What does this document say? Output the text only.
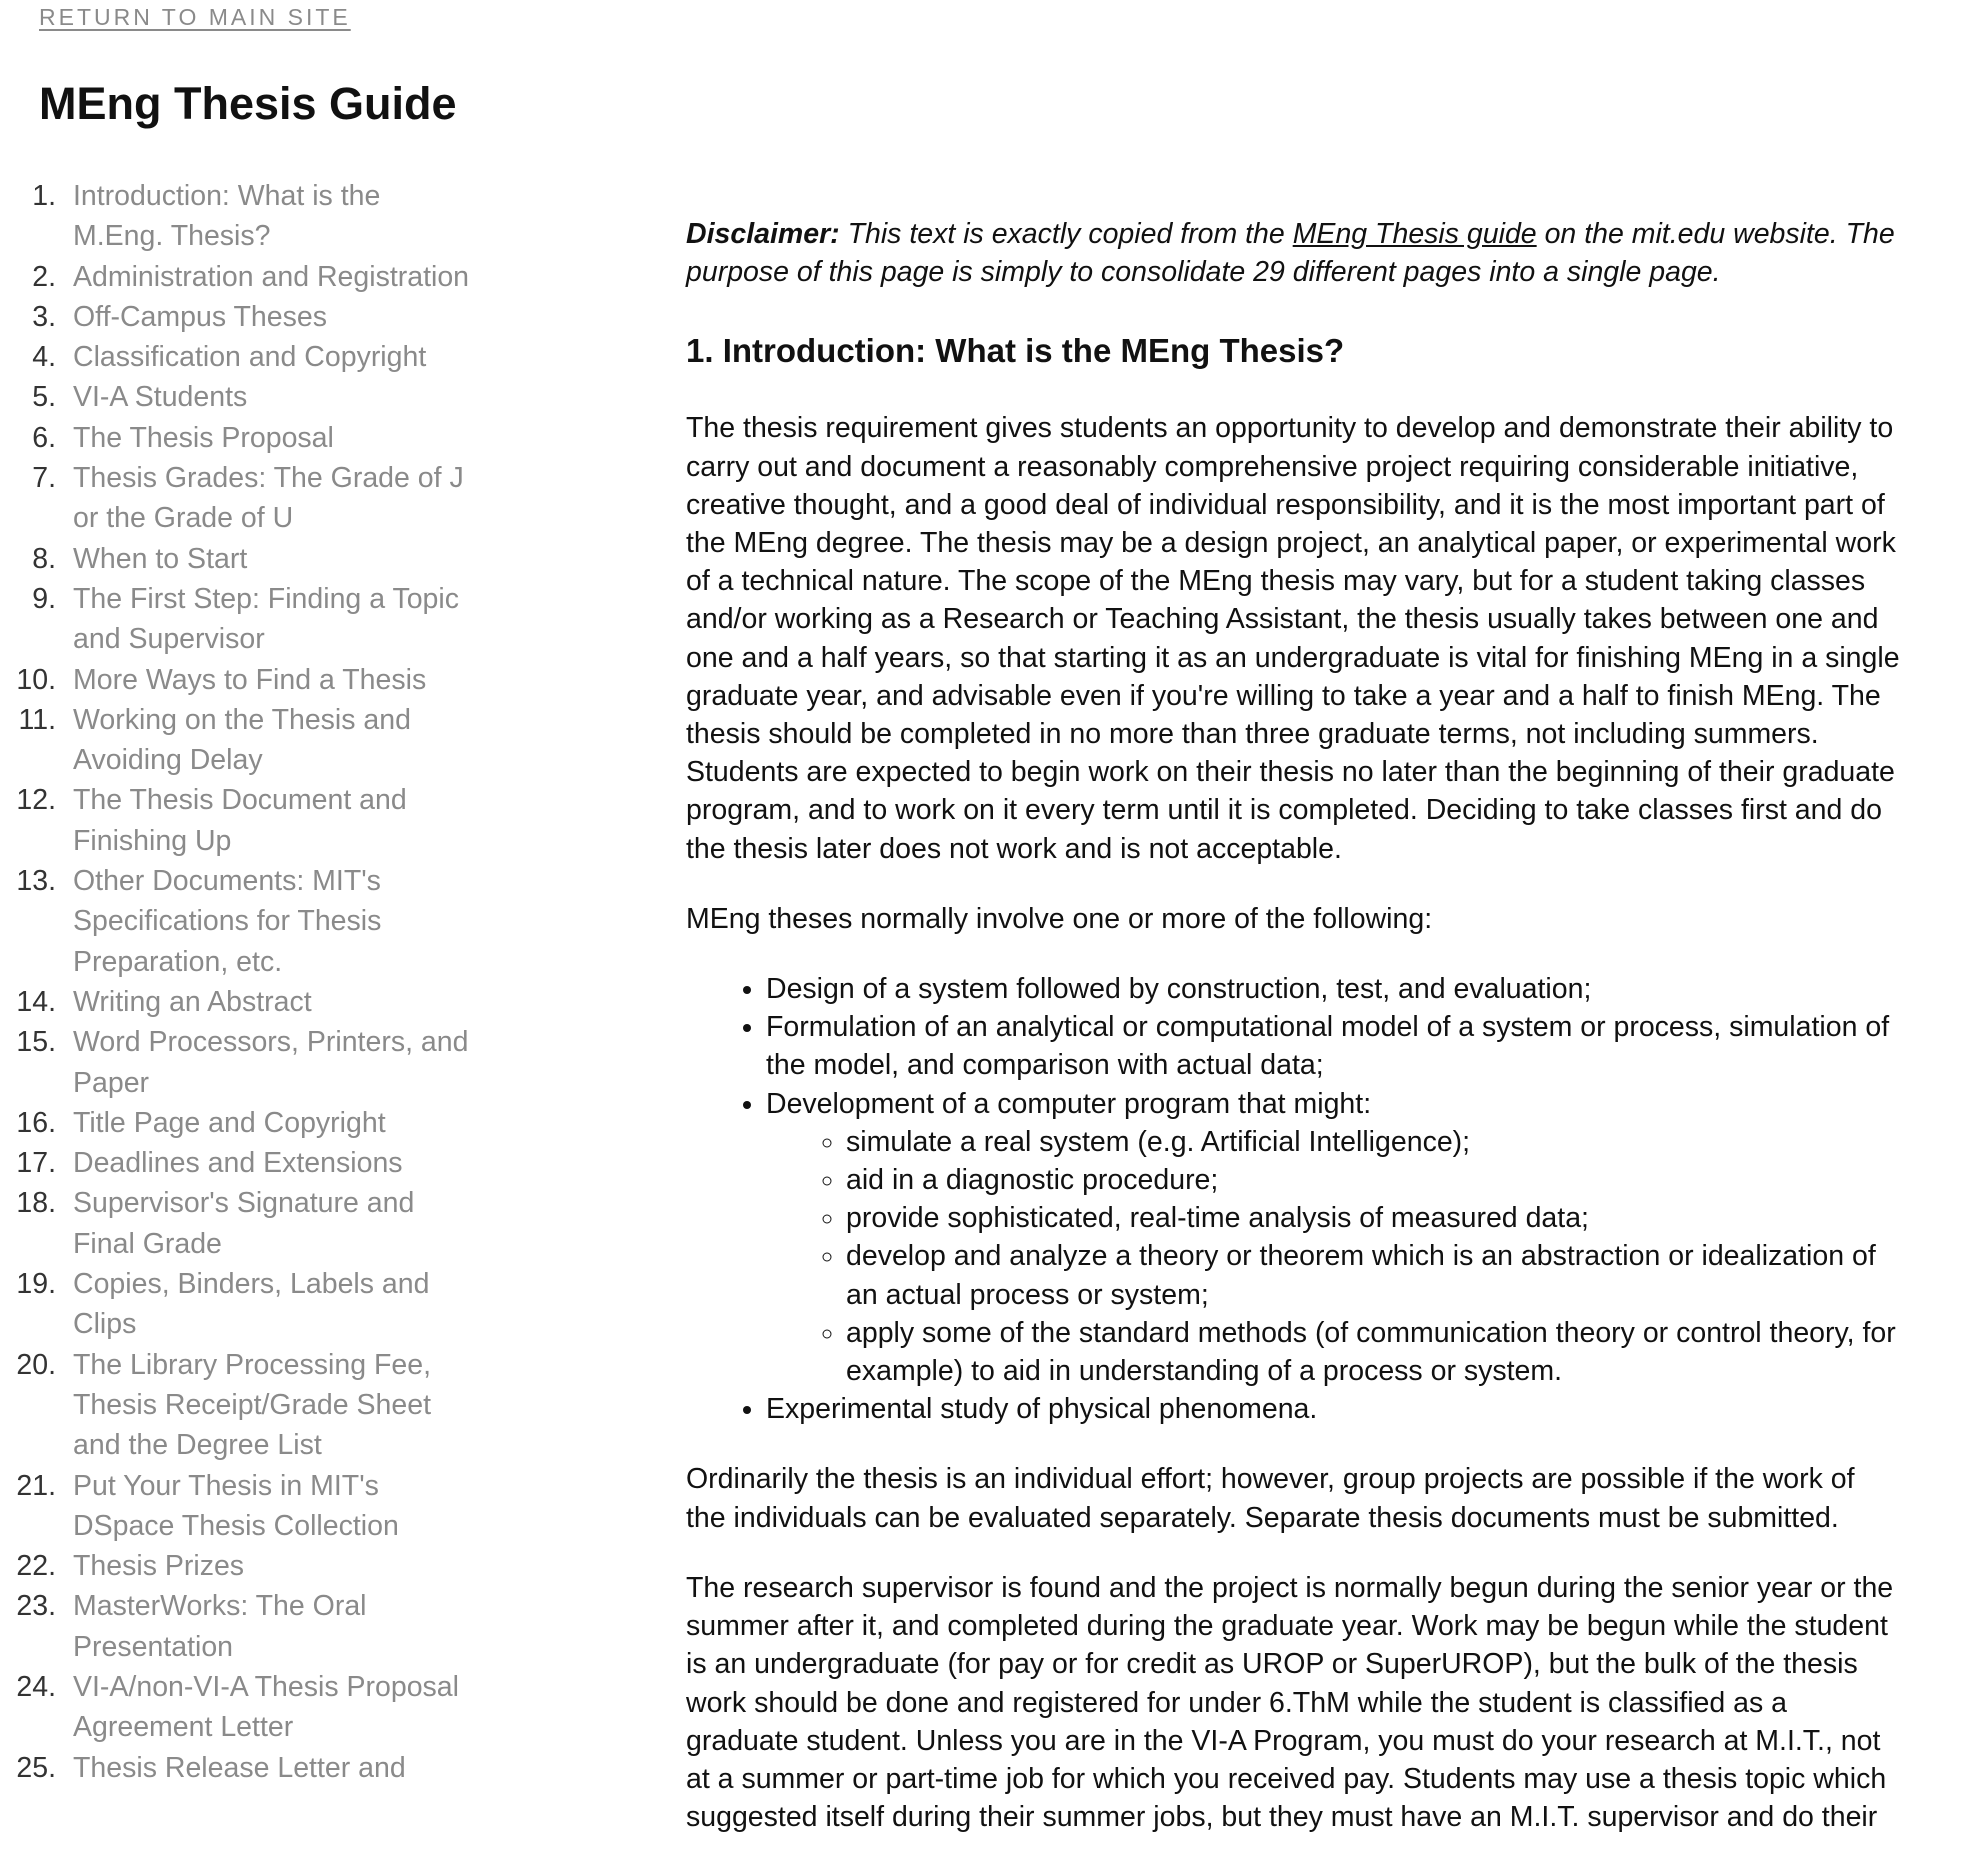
RETURN TO MAIN SITE
MEng Thesis Guide
1. Introduction: What is the M.Eng. Thesis?
2. Administration and Registration
3. Off-Campus Theses
4. Classification and Copyright
5. VI-A Students
6. The Thesis Proposal
7. Thesis Grades: The Grade of J or the Grade of U
8. When to Start
9. The First Step: Finding a Topic and Supervisor
10. More Ways to Find a Thesis
11. Working on the Thesis and Avoiding Delay
12. The Thesis Document and Finishing Up
13. Other Documents: MIT's Specifications for Thesis Preparation, etc.
14. Writing an Abstract
15. Word Processors, Printers, and Paper
16. Title Page and Copyright
17. Deadlines and Extensions
18. Supervisor's Signature and Final Grade
19. Copies, Binders, Labels and Clips
20. The Library Processing Fee, Thesis Receipt/Grade Sheet and the Degree List
21. Put Your Thesis in MIT's DSpace Thesis Collection
22. Thesis Prizes
23. MasterWorks: The Oral Presentation
24. VI-A/non-VI-A Thesis Proposal Agreement Letter
25. Thesis Release Letter and

Disclaimer: This text is exactly copied from the MEng Thesis guide on the mit.edu website. The purpose of this page is simply to consolidate 29 different pages into a single page.

1. Introduction: What is the MEng Thesis?

The thesis requirement gives students an opportunity to develop and demonstrate their ability to carry out and document a reasonably comprehensive project requiring considerable initiative, creative thought, and a good deal of individual responsibility, and it is the most important part of the MEng degree. The thesis may be a design project, an analytical paper, or experimental work of a technical nature. The scope of the MEng thesis may vary, but for a student taking classes and/or working as a Research or Teaching Assistant, the thesis usually takes between one and one and a half years, so that starting it as an undergraduate is vital for finishing MEng in a single graduate year, and advisable even if you're willing to take a year and a half to finish MEng. The thesis should be completed in no more than three graduate terms, not including summers. Students are expected to begin work on their thesis no later than the beginning of their graduate program, and to work on it every term until it is completed. Deciding to take classes first and do the thesis later does not work and is not acceptable.

MEng theses normally involve one or more of the following:

• Design of a system followed by construction, test, and evaluation;
• Formulation of an analytical or computational model of a system or process, simulation of the model, and comparison with actual data;
• Development of a computer program that might:
◦ simulate a real system (e.g. Artificial Intelligence);
◦ aid in a diagnostic procedure;
◦ provide sophisticated, real-time analysis of measured data;
◦ develop and analyze a theory or theorem which is an abstraction or idealization of an actual process or system;
◦ apply some of the standard methods (of communication theory or control theory, for example) to aid in understanding of a process or system.
• Experimental study of physical phenomena.

Ordinarily the thesis is an individual effort; however, group projects are possible if the work of the individuals can be evaluated separately. Separate thesis documents must be submitted.

The research supervisor is found and the project is normally begun during the senior year or the summer after it, and completed during the graduate year. Work may be begun while the student is an undergraduate (for pay or for credit as UROP or SuperUROP), but the bulk of the thesis work should be done and registered for under 6.ThM while the student is classified as a graduate student. Unless you are in the VI-A Program, you must do your research at M.I.T., not at a summer or part-time job for which you received pay. Students may use a thesis topic which suggested itself during their summer jobs, but they must have an M.I.T. supervisor and do their
